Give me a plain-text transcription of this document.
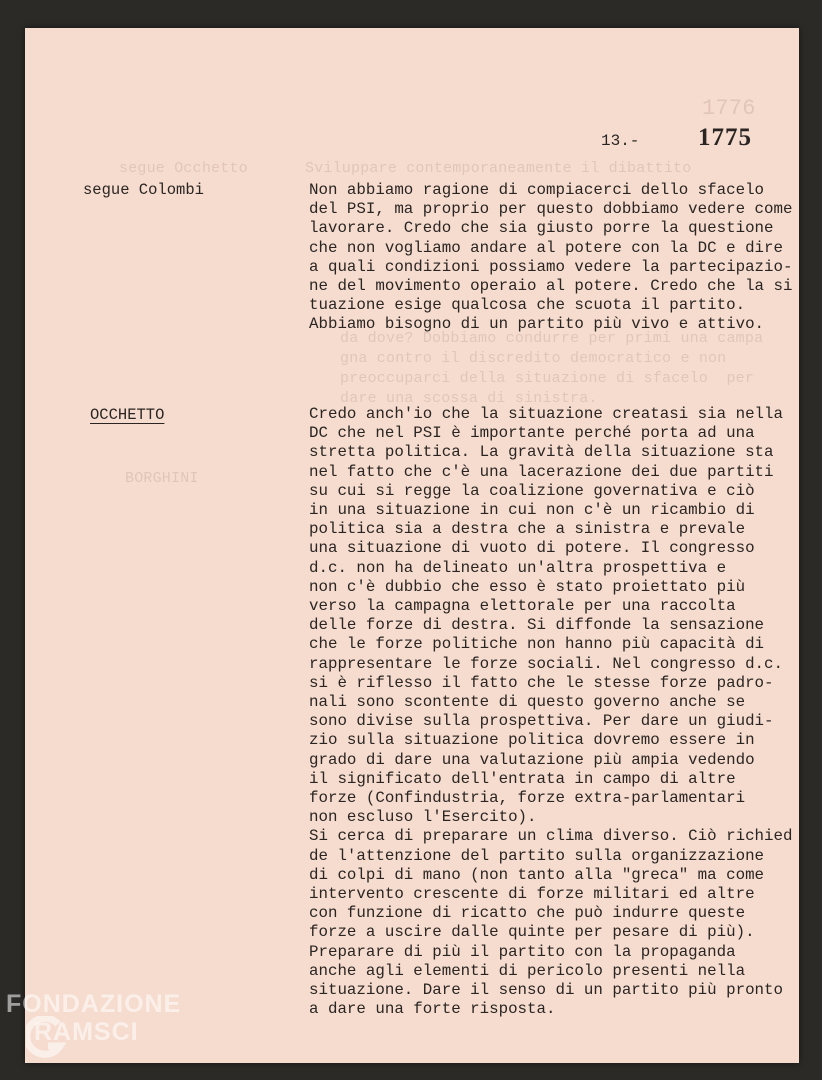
1776
segue Occhetto	Sviluppare contemporaneamente il dibattito
BORGHINI
da dove? Dobbiamo condurre per primi una campa
gna contro il discredito democratico e non
preoccuparci della situazione di sfacelo  per
dare una scossa di sinistra.
13.- 1775
segue Colombi	Non abbiamo ragione di compiacerci dello sfacelo
del PSI, ma proprio per questo dobbiamo vedere come
lavorare. Credo che sia giusto porre la questione
che non vogliamo andare al potere con la DC e dire
a quali condizioni possiamo vedere la partecipazio-
ne del movimento operaio al potere. Credo che la si
tuazione esige qualcosa che scuota il partito.
Abbiamo bisogno di un partito più vivo e attivo.
OCCHETTO	Credo anch'io che la situazione creatasi sia nella
DC che nel PSI è importante perché porta ad una
stretta politica. La gravità della situazione sta
nel fatto che c'è una lacerazione dei due partiti
su cui si regge la coalizione governativa e ciò
in una situazione in cui non c'è un ricambio di
politica sia a destra che a sinistra e prevale
una situazione di vuoto di potere. Il congresso
d.c. non ha delineato un'altra prospettiva e
non c'è dubbio che esso è stato proiettato più
verso la campagna elettorale per una raccolta
delle forze di destra. Si diffonde la sensazione
che le forze politiche non hanno più capacità di
rappresentare le forze sociali. Nel congresso d.c.
si è riflesso il fatto che le stesse forze padro-
nali sono scontente di questo governo anche se
sono divise sulla prospettiva. Per dare un giudi-
zio sulla situazione politica dovremo essere in
grado di dare una valutazione più ampia vedendo
il significato dell'entrata in campo di altre
forze (Confindustria, forze extra-parlamentari
non escluso l'Esercito).
Si cerca di preparare un clima diverso. Ciò richied
de l'attenzione del partito sulla organizzazione
di colpi di mano (non tanto alla "greca" ma come
intervento crescente di forze militari ed altre
con funzione di ricatto che può indurre queste
forze a uscire dalle quinte per pesare di più).
Preparare di più il partito con la propaganda
anche agli elementi di pericolo presenti nella
situazione. Dare il senso di un partito più pronto
a dare una forte risposta.
FONDAZIONE
RAMSCI
